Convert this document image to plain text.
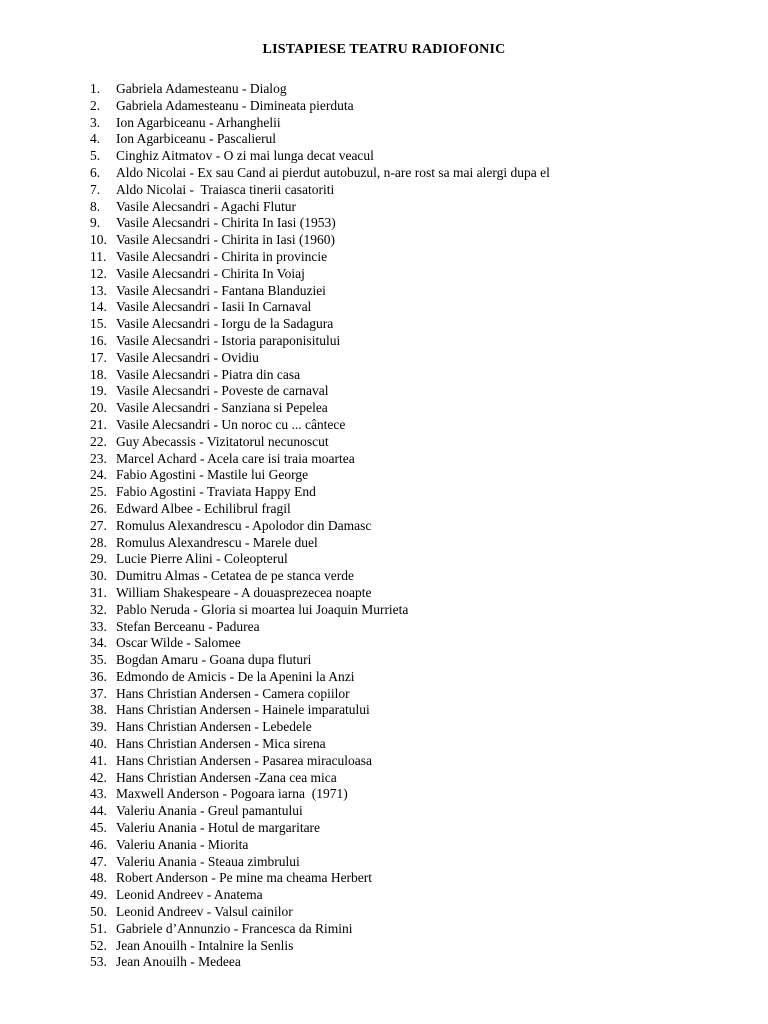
LISTAPIESE TEATRU RADIOFONIC
1.	Gabriela Adamesteanu - Dialog
2.	Gabriela Adamesteanu - Dimineata pierduta
3.	Ion Agarbiceanu - Arhanghelii
4.	Ion Agarbiceanu - Pascalierul
5.	Cinghiz Aitmatov - O zi mai lunga decat veacul
6.	Aldo Nicolai - Ex sau Cand ai pierdut autobuzul, n-are rost sa mai alergi dupa el
7.	Aldo Nicolai -  Traiasca tinerii casatoriti
8.	Vasile Alecsandri - Agachi Flutur
9.	Vasile Alecsandri - Chirita In Iasi (1953)
10. Vasile Alecsandri - Chirita in Iasi (1960)
11. Vasile Alecsandri - Chirita in provincie
12. Vasile Alecsandri - Chirita In Voiaj
13. Vasile Alecsandri - Fantana Blanduziei
14. Vasile Alecsandri - Iasii In Carnaval
15. Vasile Alecsandri - Iorgu de la Sadagura
16. Vasile Alecsandri - Istoria paraponisitului
17. Vasile Alecsandri - Ovidiu
18. Vasile Alecsandri - Piatra din casa
19. Vasile Alecsandri - Poveste de carnaval
20. Vasile Alecsandri - Sanziana si Pepelea
21. Vasile Alecsandri - Un noroc cu ... cântece
22. Guy Abecassis - Vizitatorul necunoscut
23. Marcel Achard - Acela care isi traia moartea
24. Fabio Agostini - Mastile lui George
25. Fabio Agostini - Traviata Happy End
26. Edward Albee - Echilibrul fragil
27. Romulus Alexandrescu - Apolodor din Damasc
28. Romulus Alexandrescu - Marele duel
29. Lucie Pierre Alini - Coleopterul
30. Dumitru Almas - Cetatea de pe stanca verde
31. William Shakespeare - A douasprezecea noapte
32. Pablo Neruda - Gloria si moartea lui Joaquin Murrieta
33. Stefan Berceanu - Padurea
34. Oscar Wilde - Salomee
35. Bogdan Amaru - Goana dupa fluturi
36. Edmondo de Amicis - De la Apenini la Anzi
37. Hans Christian Andersen - Camera copiilor
38. Hans Christian Andersen - Hainele imparatului
39. Hans Christian Andersen - Lebedele
40. Hans Christian Andersen - Mica sirena
41. Hans Christian Andersen - Pasarea miraculoasa
42. Hans Christian Andersen -Zana cea mica
43. Maxwell Anderson - Pogoara iarna  (1971)
44. Valeriu Anania - Greul pamantului
45. Valeriu Anania - Hotul de margaritare
46. Valeriu Anania - Miorita
47. Valeriu Anania - Steaua zimbrului
48. Robert Anderson - Pe mine ma cheama Herbert
49. Leonid Andreev - Anatema
50. Leonid Andreev - Valsul cainilor
51. Gabriele d’Annunzio - Francesca da Rimini
52. Jean Anouilh - Intalnire la Senlis
53. Jean Anouilh - Medeea
